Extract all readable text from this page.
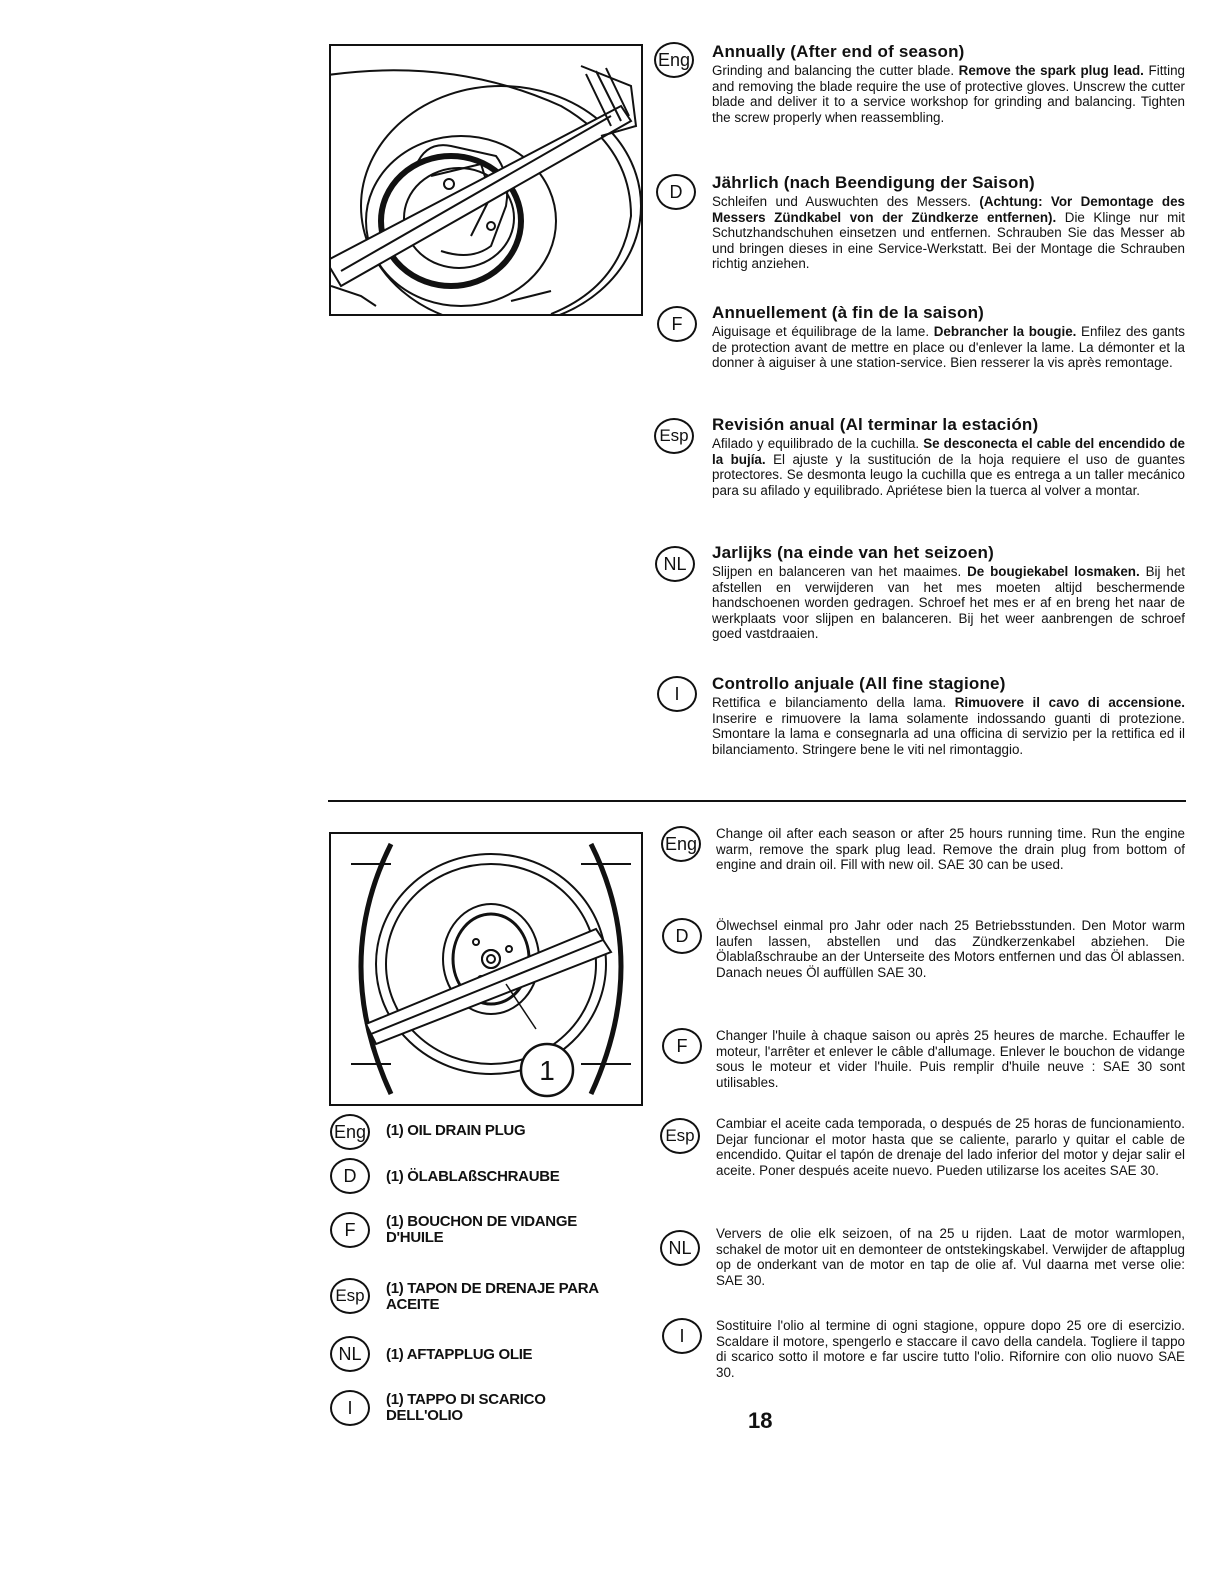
Eng Annually (After end of season)

Grinding and balancing the cutter blade. Remove the spark plug lead. Fitting and removing the blade require the use of protective gloves. Unscrew the cutter blade and deliver it to a service workshop for grinding and balancing. Tighten the screw properly when reassembling.

D	Jährlich (nach Beendigung der Saison)

Schleifen und Auswuchten des Messers. (Achtung: Vor Demontage des Messers Zündkabel von der Zündkerze entfernen). Die Klinge nur mit Schutzhandschuhen einsetzen und entfernen. Schrauben Sie das Messer ab und bringen dieses in eine Service-Werkstatt. Bei der Montage die Schrauben richtig anziehen.

F
Annuellement (à fin de la saison)

Aiguisage et équilibrage de la lame. Debrancher la bougie. Enfilez des gants de protection avant de mettre en place ou d'enlever la lame. La démonter et la donner à aiguiser à une station-service. Bien resserer la vis après remontage.

Esp
Revisión anual (Al terminar la estación)

Afilado y equilibrado de la cuchilla. Se desconecta el cable del encendido de la bujía. El ajuste y la sustitución de la hoja requiere el uso de guantes protectores. Se desmonta leugo la cuchilla que es entrega a un taller mecánico para su afilado y equilibrado. Apriétese bien la tuerca al volver a montar.

NL
Jarlijks (na einde van het seizoen)

Slijpen en balanceren van het maaimes. De bougiekabel losmaken. Bij het afstellen en verwijderen van het mes moeten altijd beschermende handschoenen worden gedragen. Schroef het mes er af en breng het naar de werkplaats voor slijpen en balanceren. Bij het weer aanbrengen de schroef goed vastdraaien.

I	Controllo anjuale (All fine stagione)

Rettifica e bilanciamento della lama. Rimuovere il cavo di accensione. Inserire e rimuovere la lama solamente indossando guanti di protezione. Smontare la lama e consegnarla ad una officina di servizio per la rettifica ed il bilanciamento. Stringere bene le viti nel rimontaggio.

1
Eng (1) OIL DRAIN PLUG
D	(1) ÖLABLAßSCHRAUBE
F	(1) BOUCHON DE VIDANGE D'HUILE
Esp	(1) TAPON DE DRENAJE PARA ACEITE
NL	(1) AFTAPPLUG OLIE
I	(1) TAPPO DI SCARICO DELL'OLIO
Eng Change oil after each season or after 25 hours running time. Run the engine warm, remove the spark plug lead. Remove the drain plug from bottom of engine and drain oil. Fill with new oil. SAE 30 can be used.

D	Ölwechsel einmal pro Jahr oder nach 25 Betriebsstunden. Den Motor warm laufen lassen, abstellen und das Zündkerzenkabel abziehen. Die Ölablaßschraube an der Unterseite des Motors entfernen und das Öl ablassen. Danach neues Öl auffüllen SAE 30.

F	Changer l'huile à chaque saison ou après 25 heures de marche. Echauffer le moteur, l'arrêter et enlever le câble d'allumage. Enlever le bouchon de vidange sous le moteur et vider l'huile. Puis remplir d'huile neuve : SAE 30 sont utilisables.

Esp

Cambiar el aceite cada temporada, o después de 25 horas de funcionamiento. Dejar funcionar el motor hasta que se caliente, pararlo y quitar el cable de encendido. Quitar el tapón de drenaje del lado inferior del motor y dejar salir el aceite. Poner después aceite nuevo. Pueden utilizarse los aceites SAE 30.

NL

Ververs de olie elk seizoen, of na 25 u rijden. Laat de motor warmlopen, schakel de motor uit en demonteer de ontstekingskabel. Verwijder de aftapplug op de onderkant van de motor en tap de olie af. Vul daarna met verse olie: SAE 30.

I	Sostituire l'olio al termine di ogni stagione, oppure dopo 25 ore di esercizio. Scaldare il motore, spengerlo e staccare il cavo della candela. Togliere il tappo di scarico sotto il motore e far uscire tutto l'olio. Rifornire con olio nuovo SAE 30.

18
